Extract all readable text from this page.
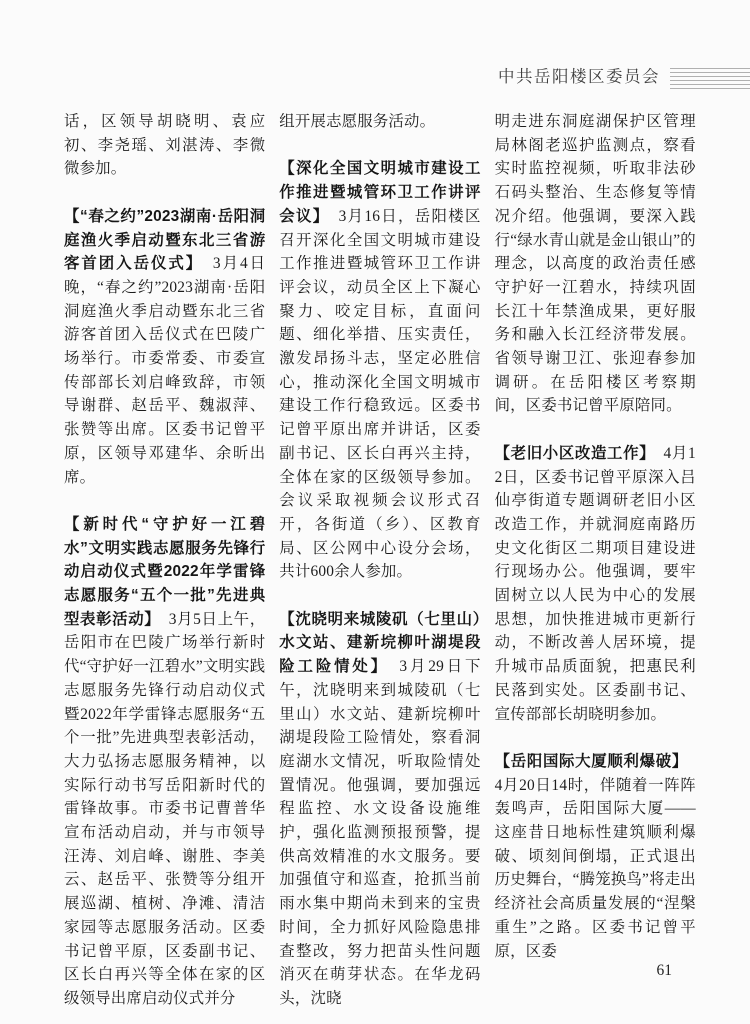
中共岳阳楼区委员会

话，区领导胡晓明、袁应初、李尧瑶、刘湛涛、李微微参加。

【“春之约”2023湖南·岳阳洞庭渔火季启动暨东北三省游客首团入岳仪式】　3月4日晚，“春之约”2023湖南·岳阳洞庭渔火季启动暨东北三省游客首团入岳仪式在巴陵广场举行。市委常委、市委宣传部部长刘启峰致辞，市领导谢群、赵岳平、魏淑萍、张赞等出席。区委书记曾平原，区领导邓建华、余昕出席。

【新时代“守护好一江碧水”文明实践志愿服务先锋行动启动仪式暨2022年学雷锋志愿服务“五个一批”先进典型表彰活动】　3月5日上午，岳阳市在巴陵广场举行新时代“守护好一江碧水”文明实践志愿服务先锋行动启动仪式暨2022年学雷锋志愿服务“五个一批”先进典型表彰活动，大力弘扬志愿服务精神，以实际行动书写岳阳新时代的雷锋故事。市委书记曹普华宣布活动启动，并与市领导汪涛、刘启峰、谢胜、李美云、赵岳平、张赞等分组开展巡湖、植树、净滩、清洁家园等志愿服务活动。区委书记曾平原，区委副书记、区长白再兴等全体在家的区级领导出席启动仪式并分

组开展志愿服务活动。

【深化全国文明城市建设工作推进暨城管环卫工作讲评会议】　3月16日，岳阳楼区召开深化全国文明城市建设工作推进暨城管环卫工作讲评会议，动员全区上下凝心聚力、咬定目标，直面问题、细化举措、压实责任，激发昂扬斗志，坚定必胜信心，推动深化全国文明城市建设工作行稳致远。区委书记曾平原出席并讲话，区委副书记、区长白再兴主持，全体在家的区级领导参加。会议采取视频会议形式召开，各街道（乡）、区教育局、区公网中心设分会场，共计600余人参加。

【沈晓明来城陵矶（七里山）水文站、建新垸柳叶湖堤段险工险情处】　3月29日下午，沈晓明来到城陵矶（七里山）水文站、建新垸柳叶湖堤段险工险情处，察看洞庭湖水文情况，听取险情处置情况。他强调，要加强远程监控、水文设备设施维护，强化监测预报预警，提供高效精准的水文服务。要加强值守和巡查，抢抓当前雨水集中期尚未到来的宝贵时间，全力抓好风险隐患排查整改，努力把苗头性问题消灭在萌芽状态。在华龙码头，沈晓

明走进东洞庭湖保护区管理局林阁老巡护监测点，察看实时监控视频，听取非法砂石码头整治、生态修复等情况介绍。他强调，要深入践行“绿水青山就是金山银山”的理念，以高度的政治责任感守护好一江碧水，持续巩固长江十年禁渔成果，更好服务和融入长江经济带发展。省领导谢卫江、张迎春参加调研。在岳阳楼区考察期间，区委书记曾平原陪同。

【老旧小区改造工作】　4月12日，区委书记曾平原深入吕仙亭街道专题调研老旧小区改造工作，并就洞庭南路历史文化街区二期项目建设进行现场办公。他强调，要牢固树立以人民为中心的发展思想，加快推进城市更新行动，不断改善人居环境，提升城市品质面貌，把惠民利民落到实处。区委副书记、宣传部部长胡晓明参加。

【岳阳国际大厦顺利爆破】　4月20日14时，伴随着一阵阵轰鸣声，岳阳国际大厦——这座昔日地标性建筑顺利爆破、顷刻间倒塌，正式退出历史舞台，“腾笼换鸟”将走出经济社会高质量发展的“涅槃重生”之路。区委书记曾平原，区委

61
